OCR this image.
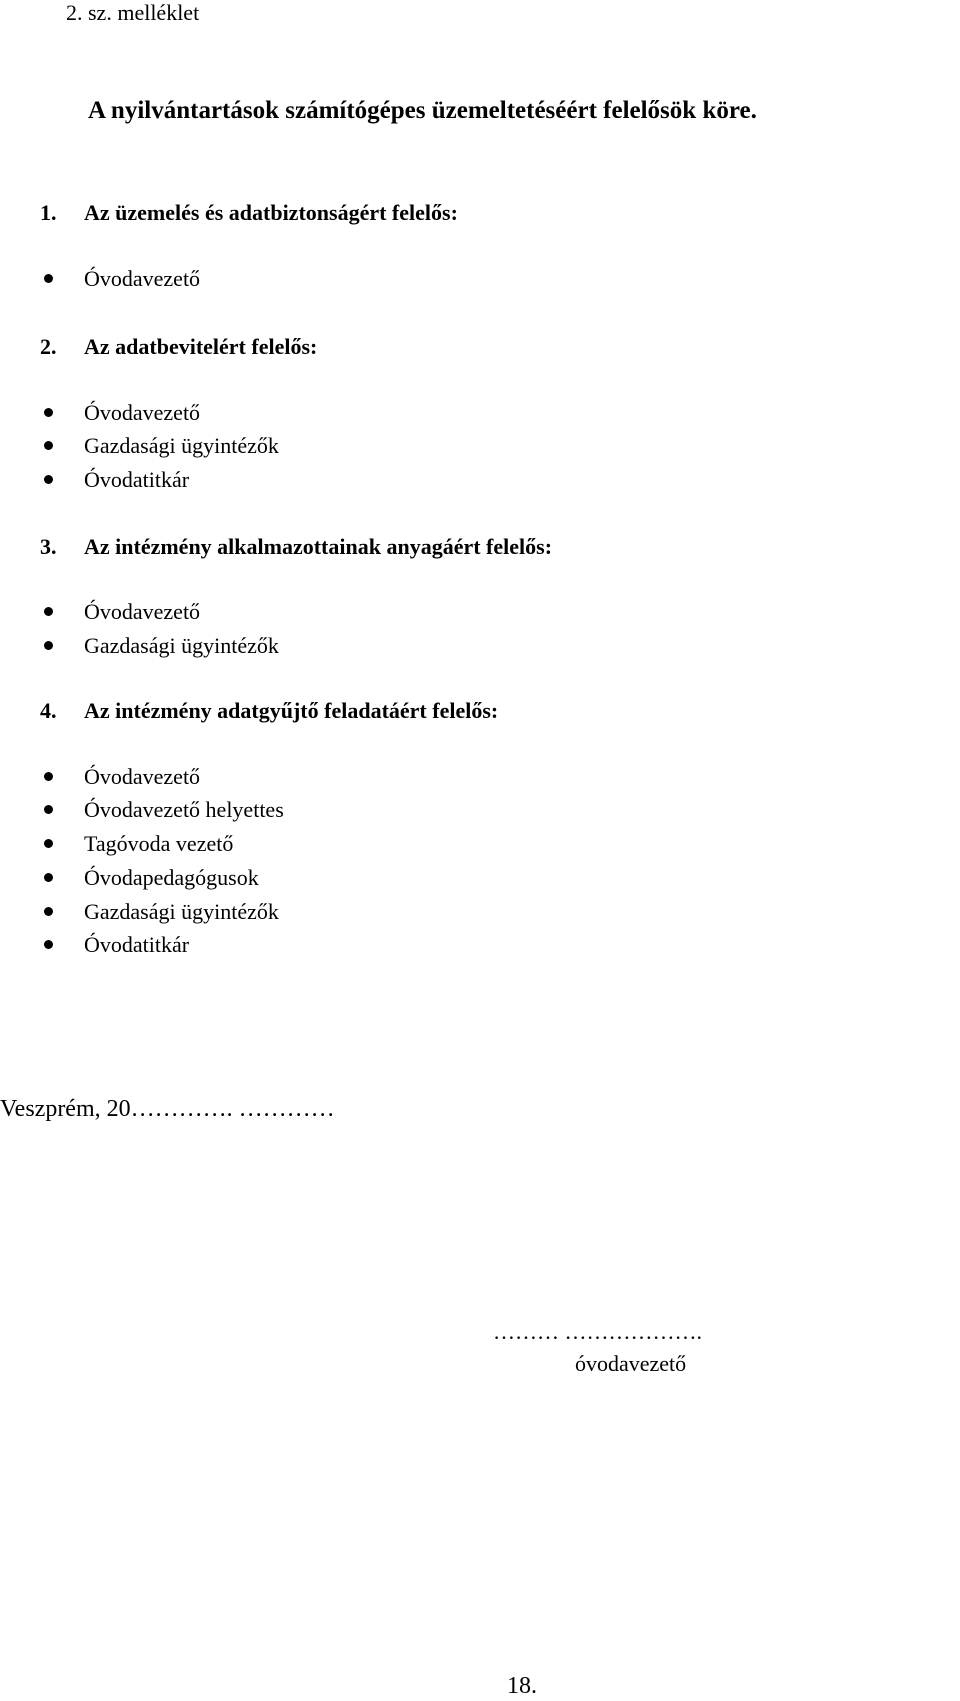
2. sz. melléklet
A nyilvántartások számítógépes üzemeltetéséért felelősök köre.
1. Az üzemelés és adatbiztonságért felelős:
Óvodavezető
2. Az adatbevitelért felelős:
Óvodavezető
Gazdasági ügyintézők
Óvodatitkár
3. Az intézmény alkalmazottainak anyagáért felelős:
Óvodavezető
Gazdasági ügyintézők
4. Az intézmény adatgyűjtő feladatáért felelős:
Óvodavezető
Óvodavezető helyettes
Tagóvoda vezető
Óvodapedagógusok
Gazdasági ügyintézők
Óvodatitkár
Veszprém, 20…………. …………
……… ……………….
óvodavezető
18.
